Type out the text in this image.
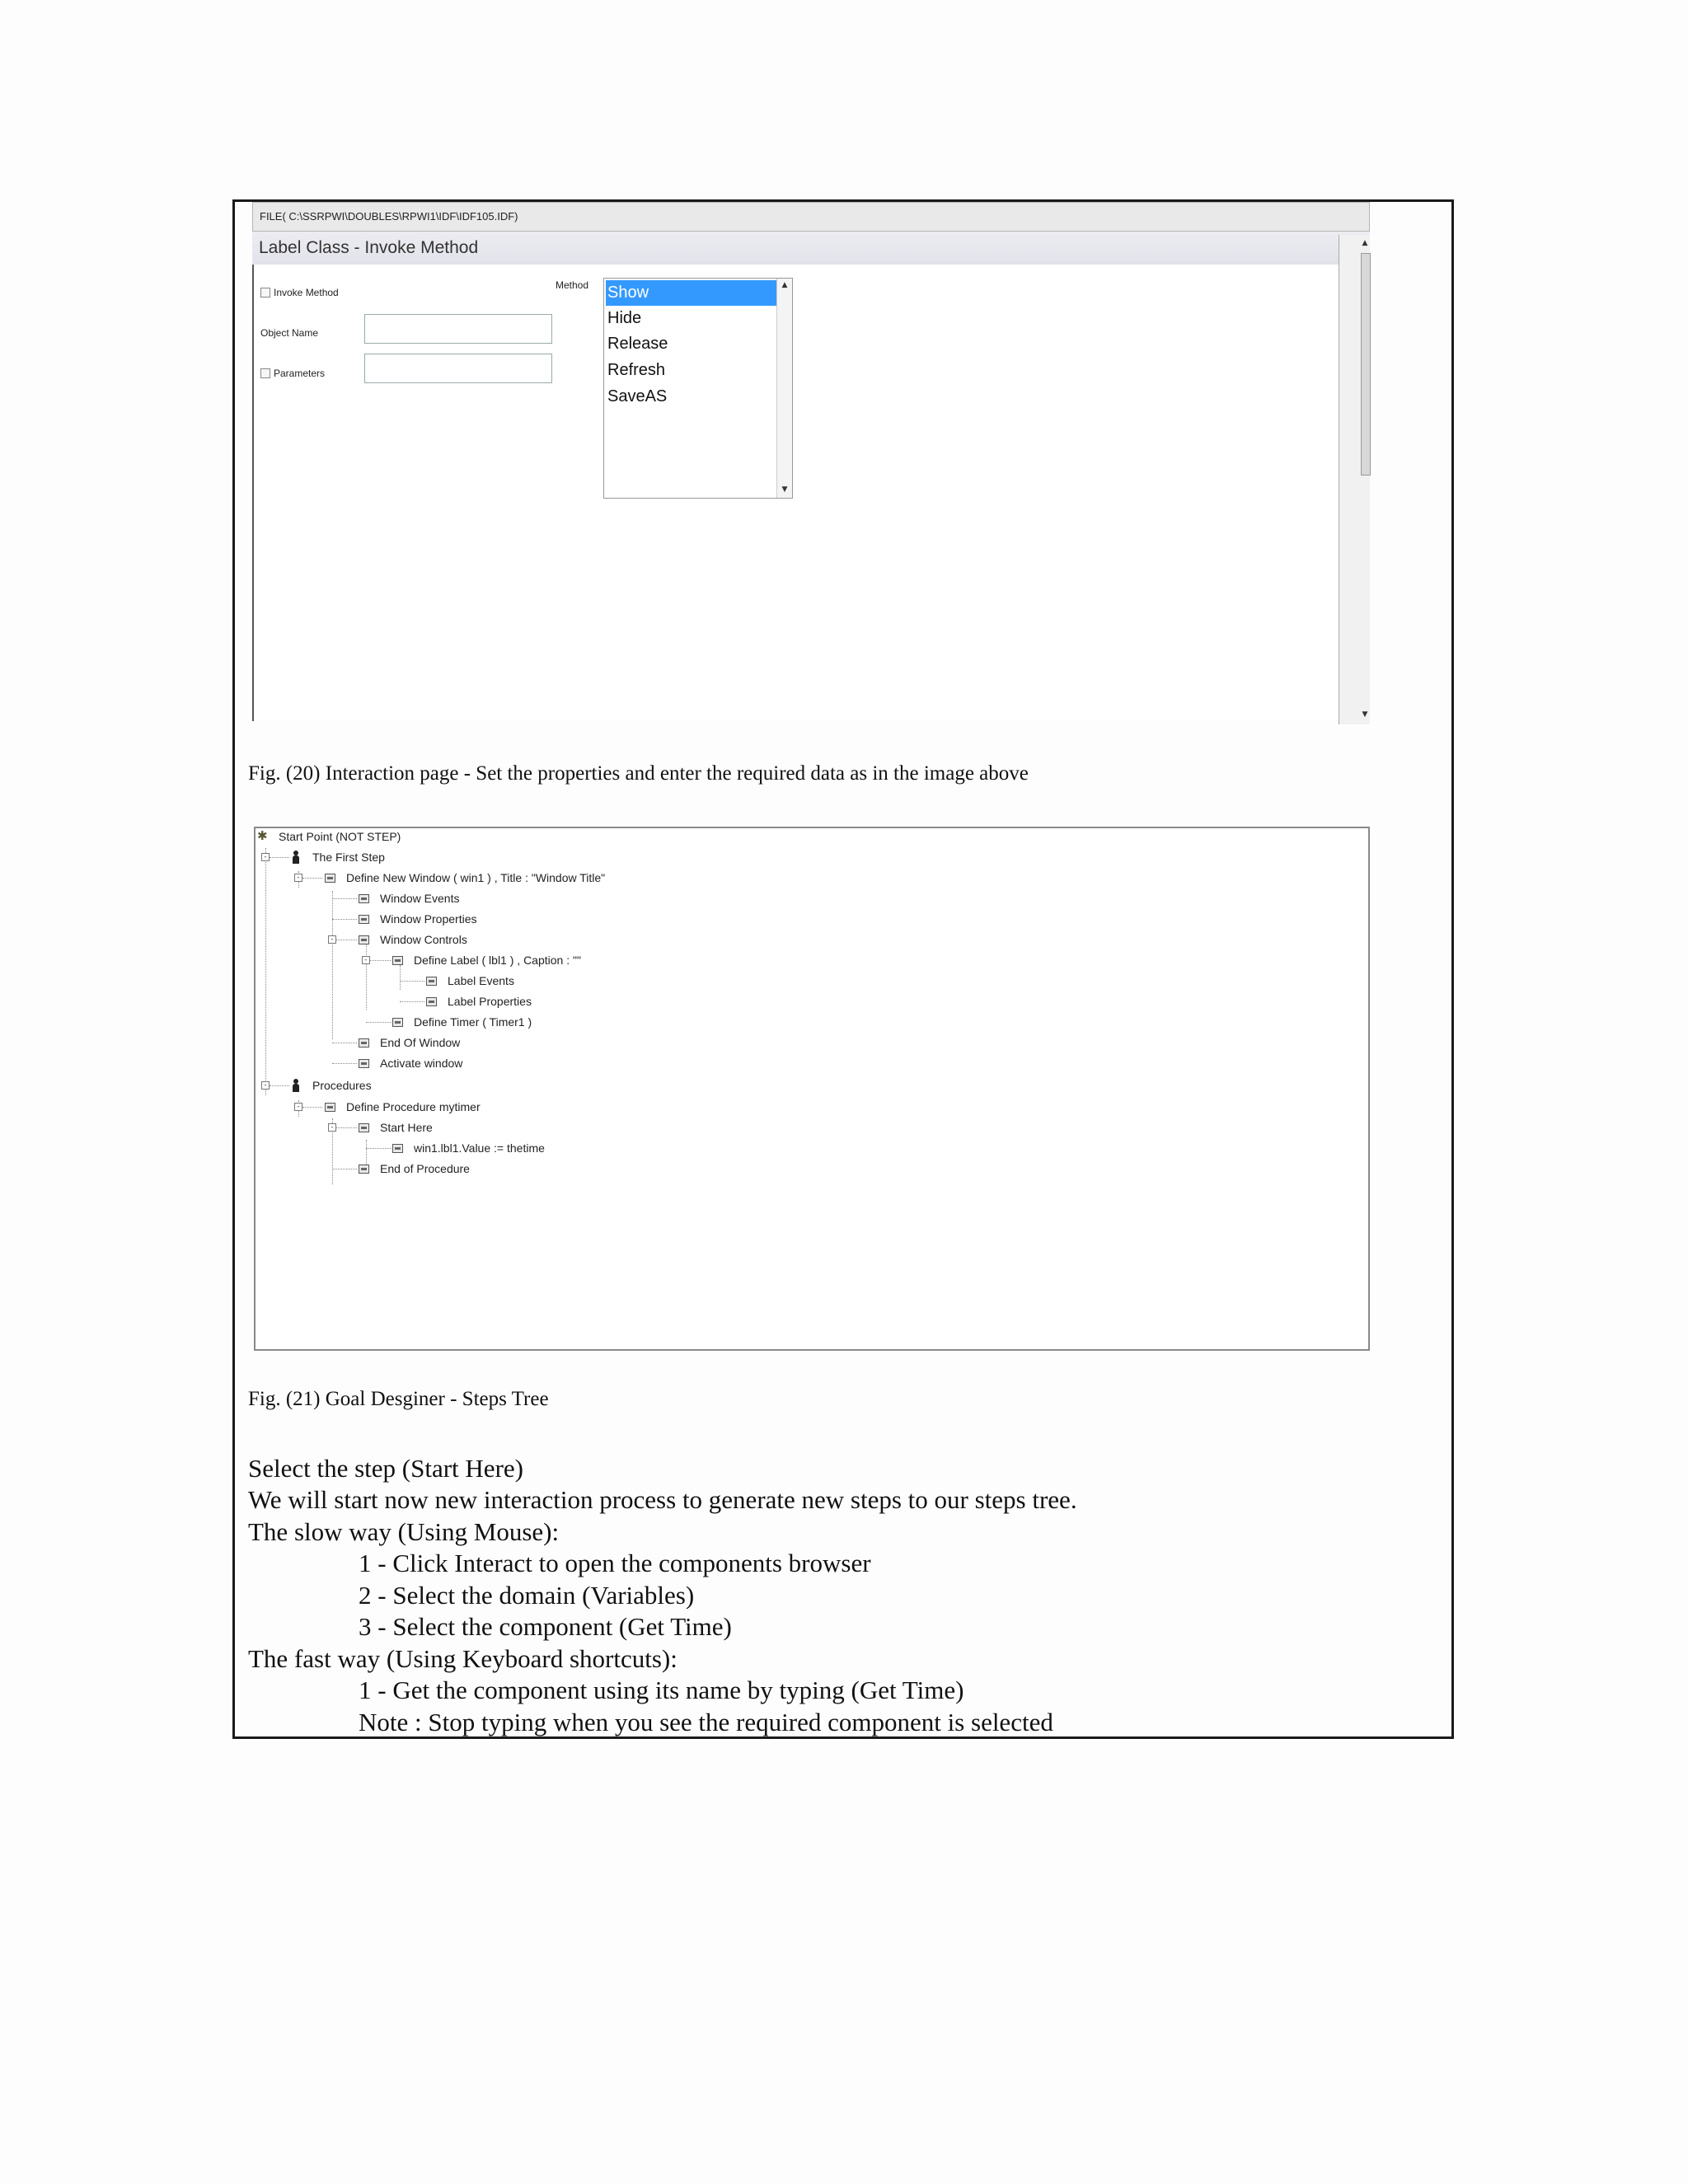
FILE( C:\SSRPWI\DOUBLES\RPWI1\IDF\IDF105.IDF)
Label Class - Invoke Method
Invoke Method
Method
Object Name
Parameters
Show
Hide
Release
Refresh
SaveAS
▲
▼
▲
▼
Fig. (20) Interaction page - Set the properties and enter the required data as in the image above
✱ Start Point (NOT STEP)
-	The First Step
-	Define New Window ( win1 ) , Title : "Window Title"
Window Events
Window Properties
-	Window Controls
-	Define Label ( lbl1 ) , Caption : ""
Label Events
Label Properties
Define Timer ( Timer1 )
End Of Window
Activate window
-	Procedures
-	Define Procedure mytimer
-	Start Here
win1.lbl1.Value := thetime
End of Procedure
Fig. (21) Goal Desginer - Steps Tree
Select the step (Start Here)
We will start now new interaction process to generate new steps to our steps tree.
The slow way (Using Mouse):
1 - Click Interact to open the components browser
2 - Select the domain (Variables)
3 - Select the component (Get Time)
The fast way (Using Keyboard shortcuts):
1 - Get the component using its name by typing (Get Time)
Note : Stop typing when you see the required component is selected
